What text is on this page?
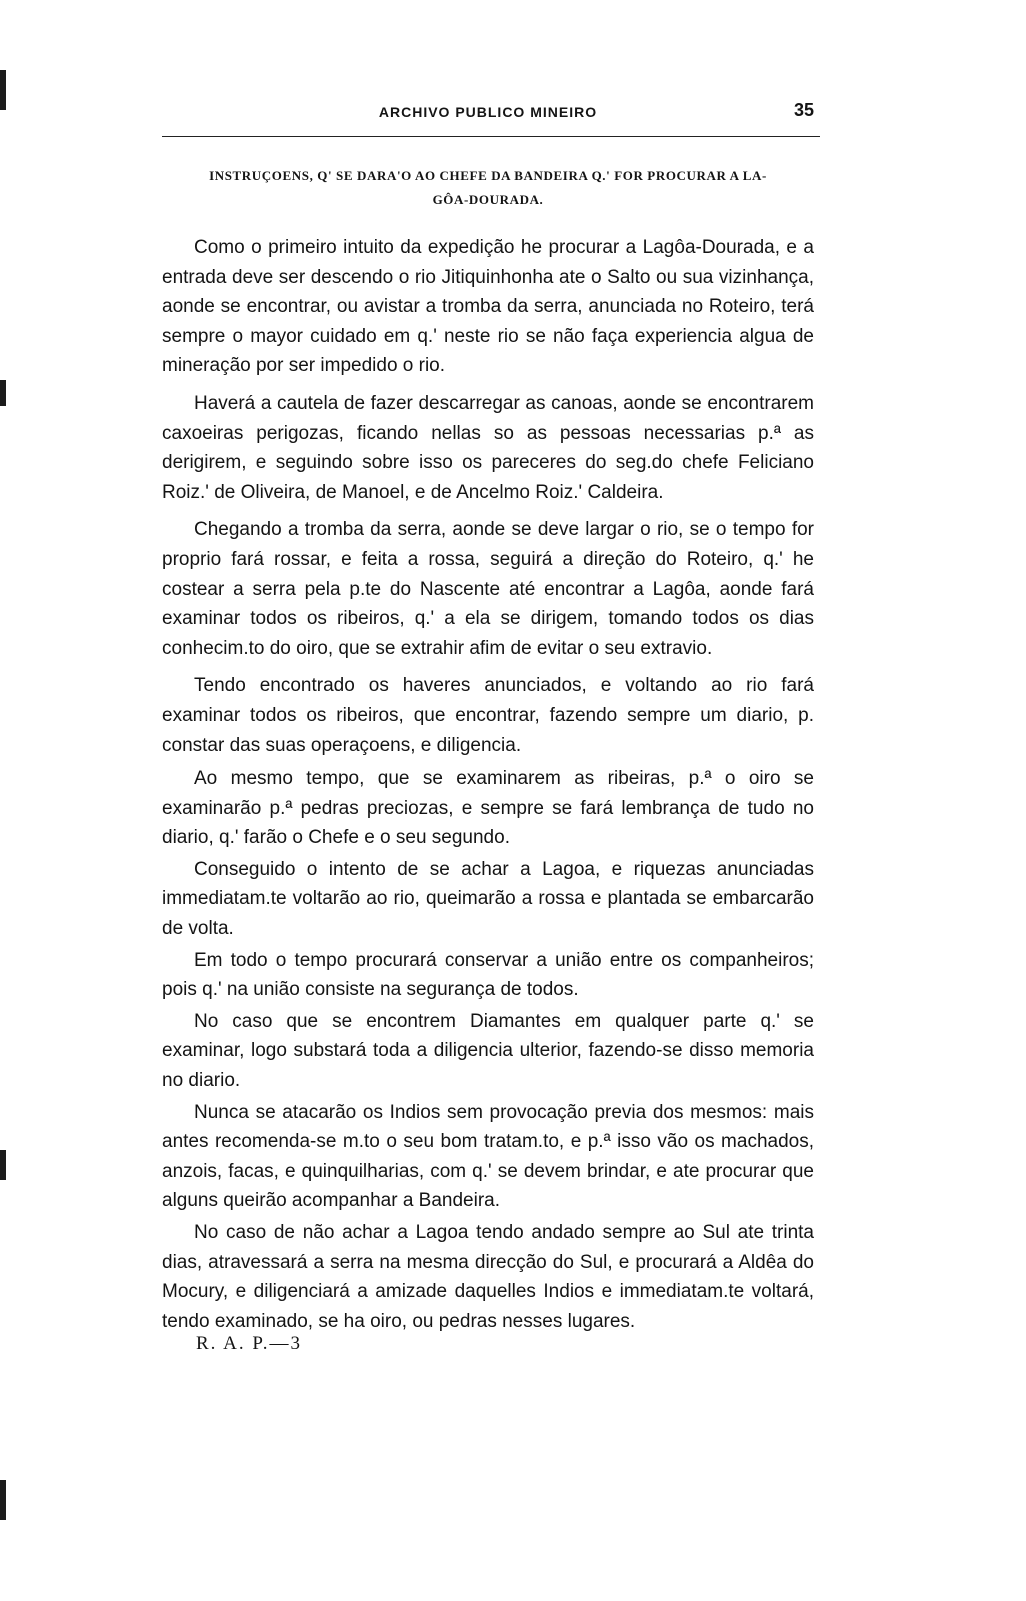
ARCHIVO PUBLICO MINEIRO	35
INSTRUÇOENS, Q' SE DARA'O AO CHEFE DA BANDEIRA Q.' FOR PROCURAR A LA-
GÔA-DOURADA.

Como o primeiro intuito da expedição he procurar a Lagôa-Dourada, e a entrada deve ser descendo o rio Jitiquinhonha ate o Salto ou sua vizinhança, aonde se encontrar, ou avistar a tromba da serra, anunciada no Roteiro, terá sempre o mayor cuidado em q.' neste rio se não faça experiencia algua de mineração por ser impedido o rio.

Haverá a cautela de fazer descarregar as canoas, aonde se encontrarem caxoeiras perigozas, ficando nellas so as pessoas necessarias p.ª as derigirem, e seguindo sobre isso os pareceres do seg.do chefe Feliciano Roiz.' de Oliveira, de Manoel, e de Ancelmo Roiz.' Caldeira.

Chegando a tromba da serra, aonde se deve largar o rio, se o tempo for proprio fará rossar, e feita a rossa, seguirá a direção do Roteiro, q.' he costear a serra pela p.te do Nascente até encontrar a Lagôa, aonde fará examinar todos os ribeiros, q.' a ela se dirigem, tomando todos os dias conhecim.to do oiro, que se extrahir afim de evitar o seu extravio.

Tendo encontrado os haveres anunciados, e voltando ao rio fará examinar todos os ribeiros, que encontrar, fazendo sempre um diario, p. constar das suas operaçoens, e diligencia.

Ao mesmo tempo, que se examinarem as ribeiras, p.ª o oiro se examinarão p.ª pedras preciozas, e sempre se fará lembrança de tudo no diario, q.' farão o Chefe e o seu segundo.

Conseguido o intento de se achar a Lagoa, e riquezas anunciadas immediatam.te voltarão ao rio, queimarão a rossa e plantada se embarcarão de volta.

Em todo o tempo procurará conservar a união entre os companheiros; pois q.' na união consiste na segurança de todos.

No caso que se encontrem Diamantes em qualquer parte q.' se examinar, logo substará toda a diligencia ulterior, fazendo-se disso memoria no diario.

Nunca se atacarão os Indios sem provocação previa dos mesmos: mais antes recomenda-se m.to o seu bom tratam.to, e p.ª isso vão os machados, anzois, facas, e quinquilharias, com q.' se devem brindar, e ate procurar que alguns queirão acompanhar a Bandeira.

No caso de não achar a Lagoa tendo andado sempre ao Sul ate trinta dias, atravessará a serra na mesma direcção do Sul, e procurará a Aldêa do Mocury, e diligenciará a amizade daquelles Indios e immediatam.te voltará, tendo examinado, se ha oiro, ou pedras nesses lugares.

R. A. P.—3
